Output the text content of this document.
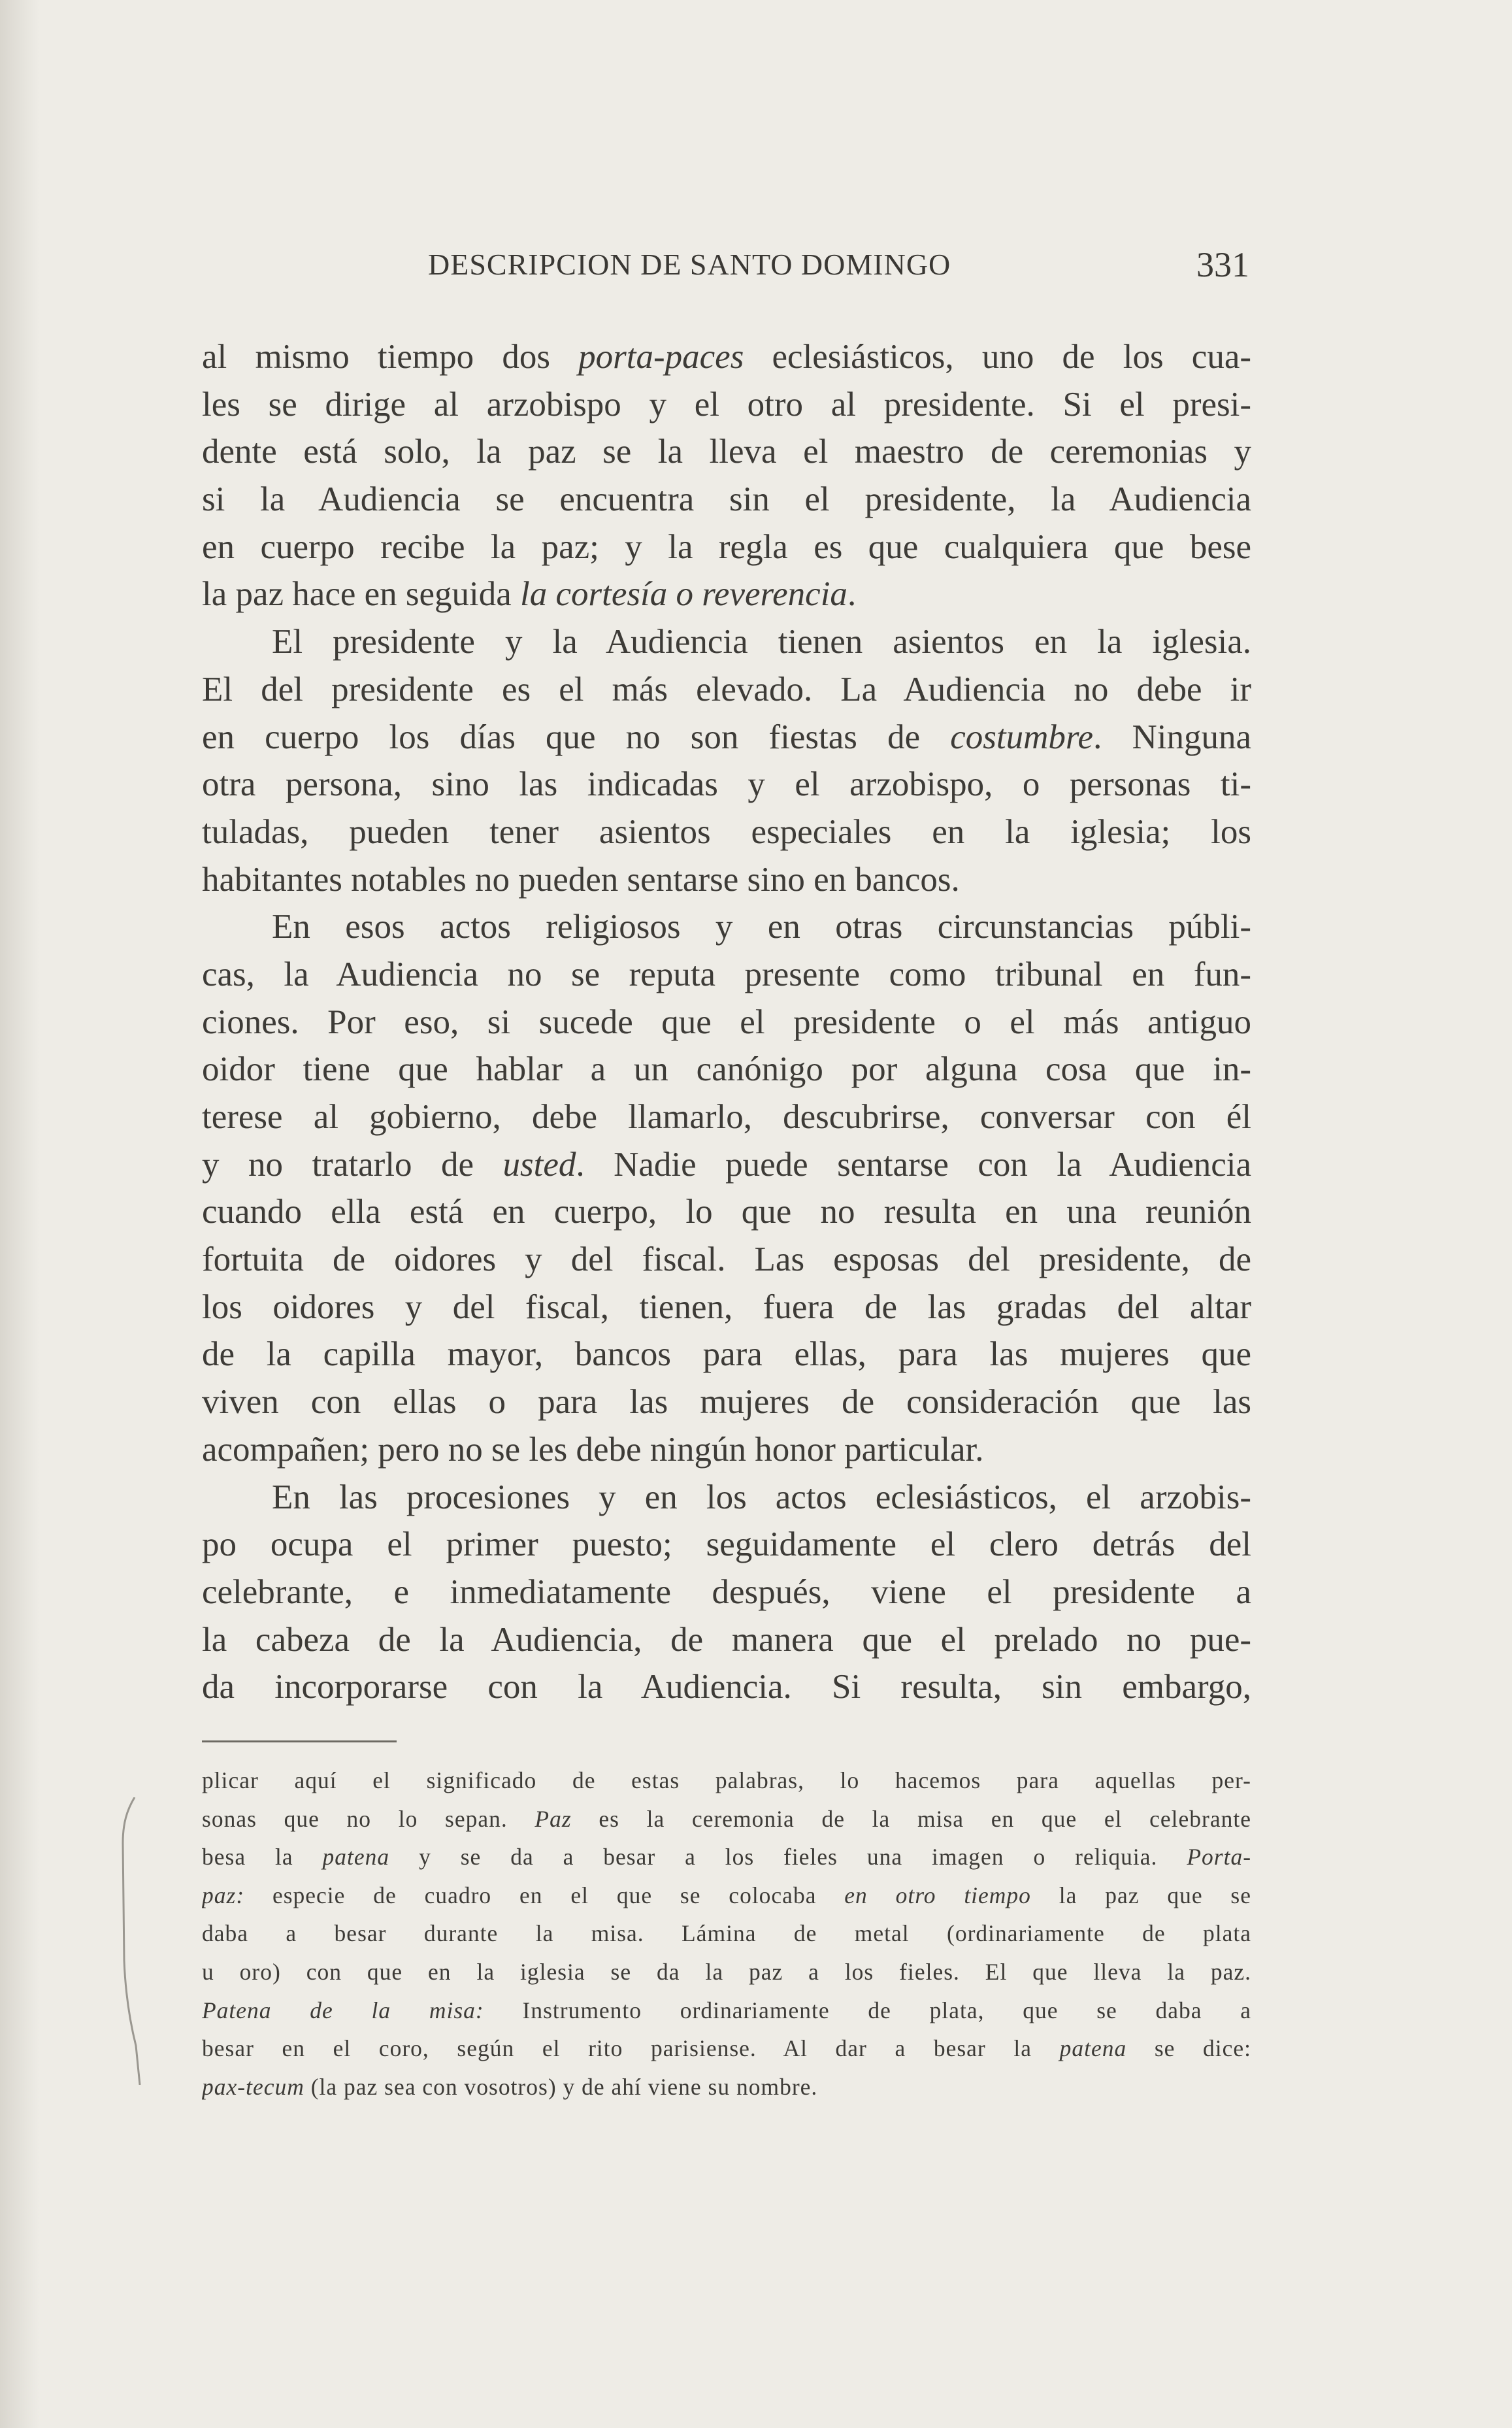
DESCRIPCION DE SANTO DOMINGO	331
al mismo tiempo dos porta-paces eclesiásticos, uno de los cua-
les se dirige al arzobispo y el otro al presidente. Si el presi-
dente está solo, la paz se la lleva el maestro de ceremonias y
si la Audiencia se encuentra sin el presidente, la Audiencia
en cuerpo recibe la paz; y la regla es que cualquiera que bese
la paz hace en seguida la cortesía o reverencia.
El presidente y la Audiencia tienen asientos en la iglesia.
El del presidente es el más elevado. La Audiencia no debe ir
en cuerpo los días que no son fiestas de costumbre. Ninguna
otra persona, sino las indicadas y el arzobispo, o personas ti-
tuladas, pueden tener asientos especiales en la iglesia; los
habitantes notables no pueden sentarse sino en bancos.
En esos actos religiosos y en otras circunstancias públi-
cas, la Audiencia no se reputa presente como tribunal en fun-
ciones. Por eso, si sucede que el presidente o el más antiguo
oidor tiene que hablar a un canónigo por alguna cosa que in-
terese al gobierno, debe llamarlo, descubrirse, conversar con él
y no tratarlo de usted. Nadie puede sentarse con la Audiencia
cuando ella está en cuerpo, lo que no resulta en una reunión
fortuita de oidores y del fiscal. Las esposas del presidente, de
los oidores y del fiscal, tienen, fuera de las gradas del altar
de la capilla mayor, bancos para ellas, para las mujeres que
viven con ellas o para las mujeres de consideración que las
acompañen; pero no se les debe ningún honor particular.
En las procesiones y en los actos eclesiásticos, el arzobis-
po ocupa el primer puesto; seguidamente el clero detrás del
celebrante, e inmediatamente después, viene el presidente a
la cabeza de la Audiencia, de manera que el prelado no pue-
da incorporarse con la Audiencia. Si resulta, sin embargo,
plicar aquí el significado de estas palabras, lo hacemos para aquellas per-
sonas que no lo sepan. Paz es la ceremonia de la misa en que el celebrante
besa la patena y se da a besar a los fieles una imagen o reliquia. Porta-
paz: especie de cuadro en el que se colocaba en otro tiempo la paz que se
daba a besar durante la misa. Lámina de metal (ordinariamente de plata
u oro) con que en la iglesia se da la paz a los fieles. El que lleva la paz.
Patena de la misa: Instrumento ordinariamente de plata, que se daba a
besar en el coro, según el rito parisiense. Al dar a besar la patena se dice:
pax-tecum (la paz sea con vosotros) y de ahí viene su nombre.
